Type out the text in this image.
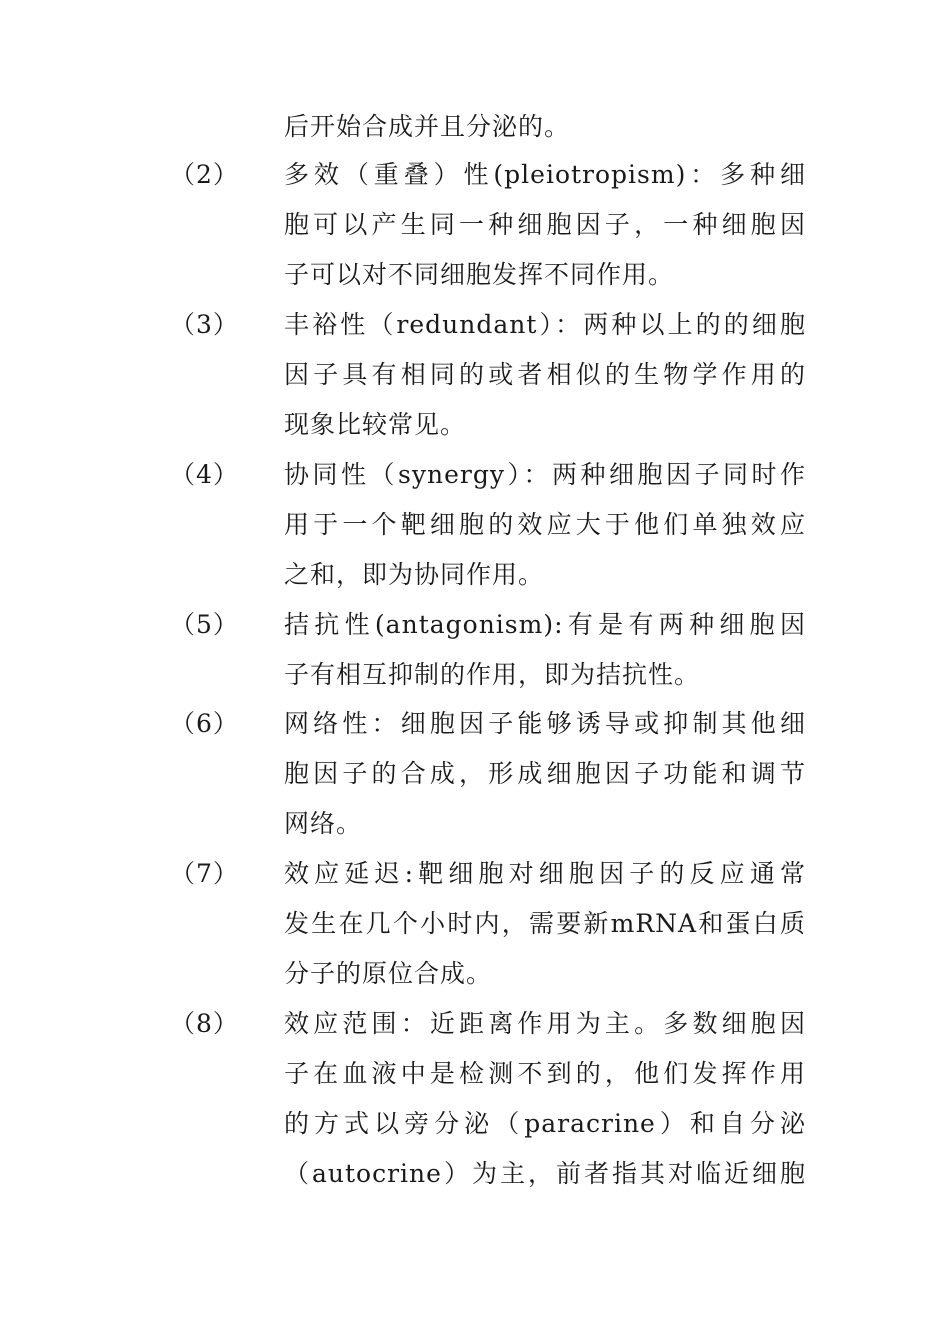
后开始合成并且分泌的。
（2） 多效（重叠）性(pleiotropism)：多种细
胞可以产生同一种细胞因子，一种细胞因
子可以对不同细胞发挥不同作用。
（3） 丰裕性（redundant）：两种以上的的细胞
因子具有相同的或者相似的生物学作用的
现象比较常见。
（4） 协同性（synergy）：两种细胞因子同时作
用于一个靶细胞的效应大于他们单独效应
之和，即为协同作用。
（5） 拮抗性(antagonism):有是有两种细胞因
子有相互抑制的作用，即为拮抗性。
（6） 网络性：细胞因子能够诱导或抑制其他细
胞因子的合成，形成细胞因子功能和调节
网络。
（7） 效应延迟:靶细胞对细胞因子的反应通常
发生在几个小时内，需要新mRNA和蛋白质
分子的原位合成。
（8） 效应范围：近距离作用为主。多数细胞因
子在血液中是检测不到的，他们发挥作用
的方式以旁分泌（paracrine）和自分泌
（autocrine）为主，前者指其对临近细胞
